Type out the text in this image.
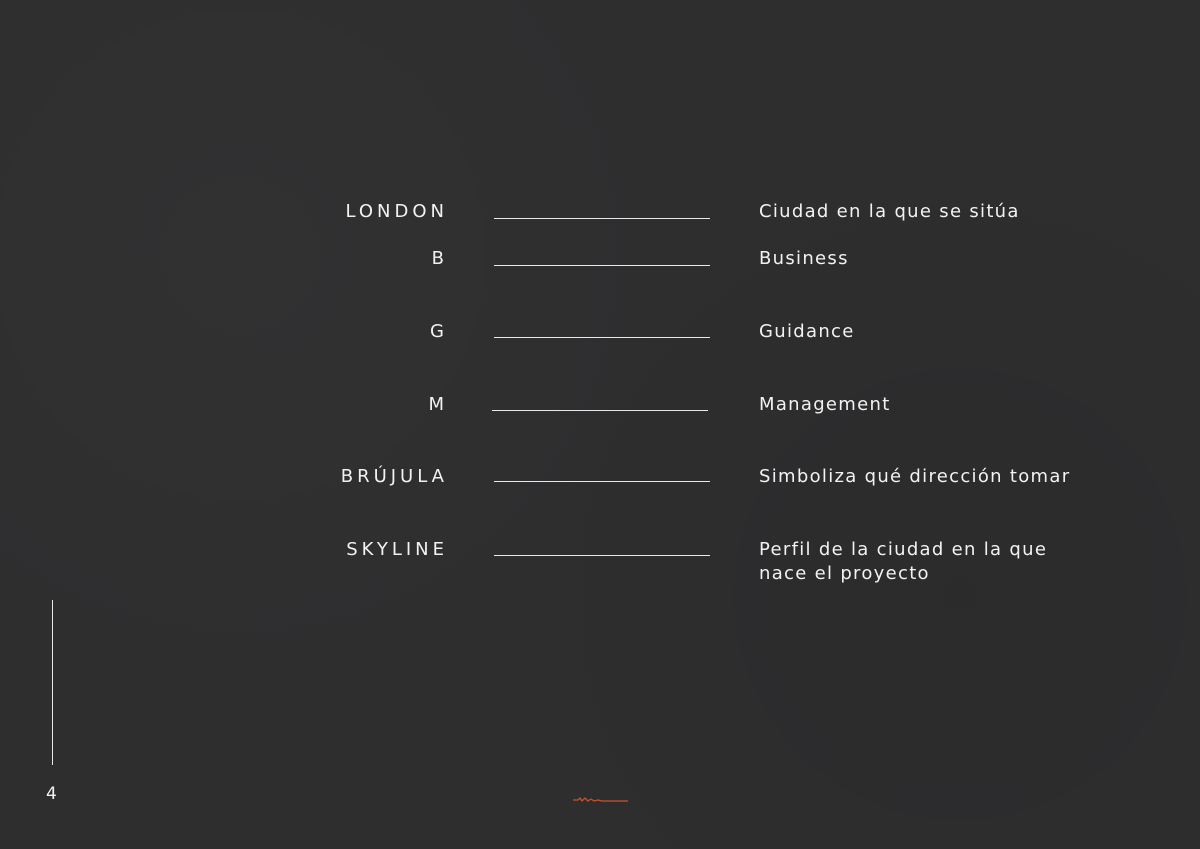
LONDON	Ciudad en la que se sitúa
B	Business
G	Guidance
M	Management
BRÚJULA	Simboliza qué dirección tomar
SKYLINE	Perfil de la ciudad en la que
nace el proyecto
4
